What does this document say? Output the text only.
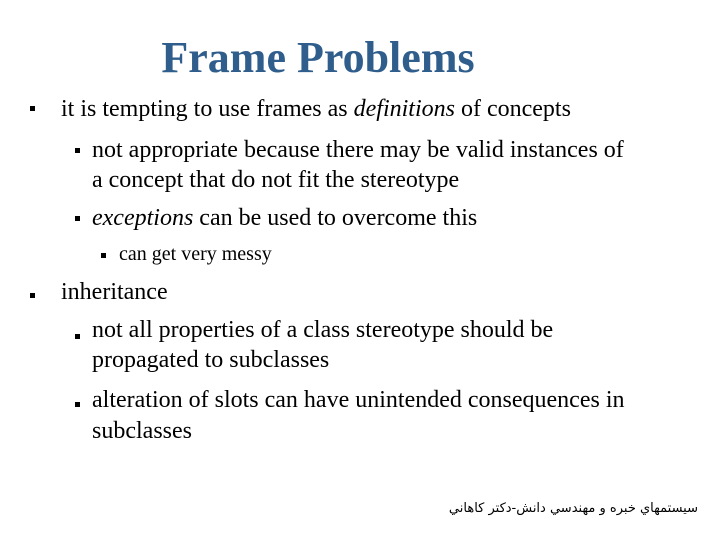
Frame Problems
it is tempting to use frames as definitions of concepts
not appropriate because there may be valid instances of
a concept that do not fit the stereotype
exceptions can be used to overcome this
can get very messy
inheritance
not all properties of a class stereotype should be
propagated to subclasses
alteration of slots can have unintended consequences in
subclasses
سيستمهاي خبره و مهندسي دانش-دکتر کاهاني
